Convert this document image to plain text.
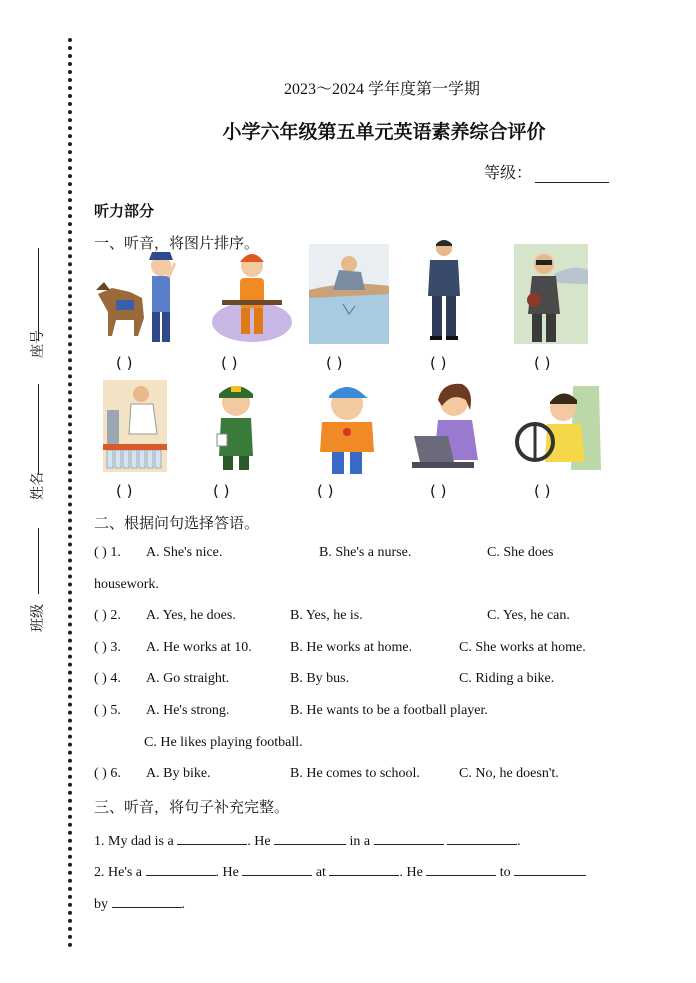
座号
姓名
班级
2023～2024 学年度第一学期
小学六年级第五单元英语素养综合评价
等级：
听力部分
一、听音，将图片排序。
( )	( )	( )	( )	( )
( )	( )	( )	( )	( )
二、根据问句选择答语。
( ) 1. A. She's nice.	B. She's a nurse.	C. She does
housework.
( ) 2. A. Yes, he does.	B. Yes, he is.	C. Yes, he can.
( ) 3. A. He works at 10.	B. He works at home.	C. She works at home.
( ) 4. A. Go straight.	B. By bus.	C. Riding a bike.
( ) 5. A. He's strong.	B. He wants to be a football player.
C. He likes playing football.
( ) 6. A. By bike.	B. He comes to school.	C. No, he doesn't.
三、听音，将句子补充完整。
1. My dad is a	. He	in a	.
2. He's a	. He	at	. He	to
by	.
